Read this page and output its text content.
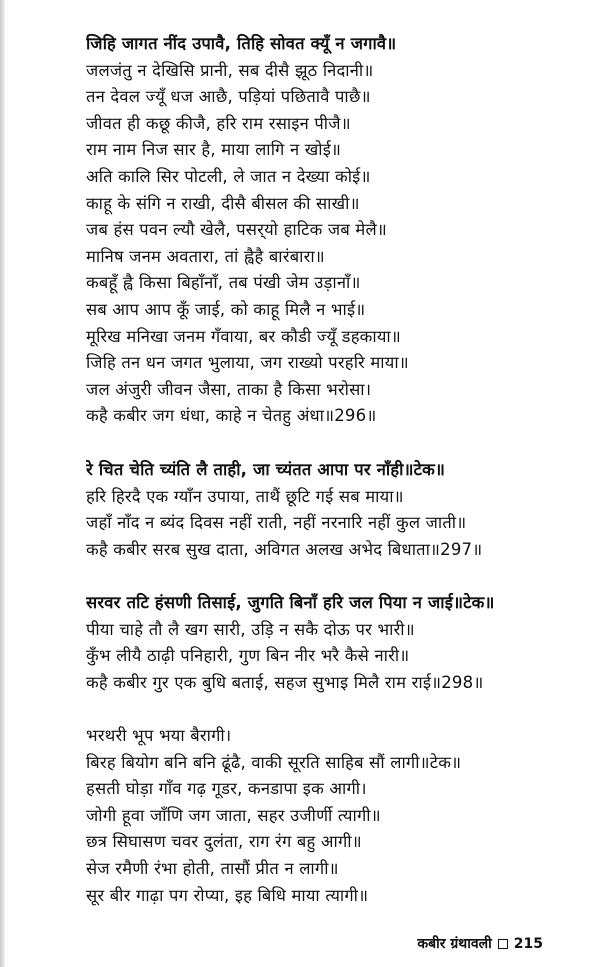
जिहि जागत नींद उपावै, तिहि सोवत क्यूँ न जगावै॥
जलजंतु न देखिसि प्रानी, सब दीसै झूठ निदानी॥
तन देवल ज्यूँ धज आछै, पड़ियां पछितावै पाछै॥
जीवत ही कछू कीजै, हरि राम रसाइन पीजै॥
राम नाम निज सार है, माया लागि न खोई॥
अति कालि सिर पोटली, ले जात न देख्या कोई॥
काहू के संगि न राखी, दीसै बीसल की साखी॥
जब हंस पवन ल्यौ खेलै, पसर्‌यो हाटिक जब मेलै॥
मानिष जनम अवतारा, तां ह्वैहै बारंबारा॥
कबहूँ ह्वै किसा बिहाँनाँ, तब पंखी जेम उड़ानाँ॥
सब आप आप कूँ जाई, को काहू मिलै न भाई॥
मूरिख मनिखा जनम गँवाया, बर कौडी ज्यूँ डहकाया॥
जिहि तन धन जगत भुलाया, जग राख्यो परहरि माया॥
जल अंजुरी जीवन जैसा, ताका है किसा भरोसा।
कहै कबीर जग धंधा, काहे न चेतहु अंधा॥296॥
रे चित चेति च्यंति लै ताही, जा च्यंतत आपा पर नाँही॥टेक॥
हरि हिरदै एक ग्याँन उपाया, ताथैं छूटि गई सब माया॥
जहाँ नाँद न ब्यंद दिवस नहीं राती, नहीं नरनारि नहीं कुल जाती॥
कहै कबीर सरब सुख दाता, अविगत अलख अभेद बिधाता॥297॥
सरवर तटि हंसणी तिसाई, जुगति बिनाँ हरि जल पिया न जाई॥टेक॥
पीया चाहे तौ लै खग सारी, उड़ि न सकै दोऊ पर भारी॥
कुँभ लीयै ठाढ़ी पनिहारी, गुण बिन नीर भरै कैसे नारी॥
कहै कबीर गुर एक बुधि बताई, सहज सुभाइ मिलै राम राई॥298॥
भरथरी भूप भया बैरागी।
बिरह बियोग बनि बनि ढूंढै, वाकी सूरति साहिब सौं लागी॥टेक॥
हसती घोड़ा गाँव गढ़ गूडर, कनडापा इक आगी।
जोगी हूवा जाँणि जग जाता, सहर उजीर्णी त्यागी॥
छत्र सिघासण चवर दुलंता, राग रंग बहु आगी॥
सेज रमैणी रंभा होती, तासौं प्रीत न लागी॥
सूर बीर गाढ़ा पग रोप्या, इह बिधि माया त्यागी॥
कबीर ग्रंथावली 215
